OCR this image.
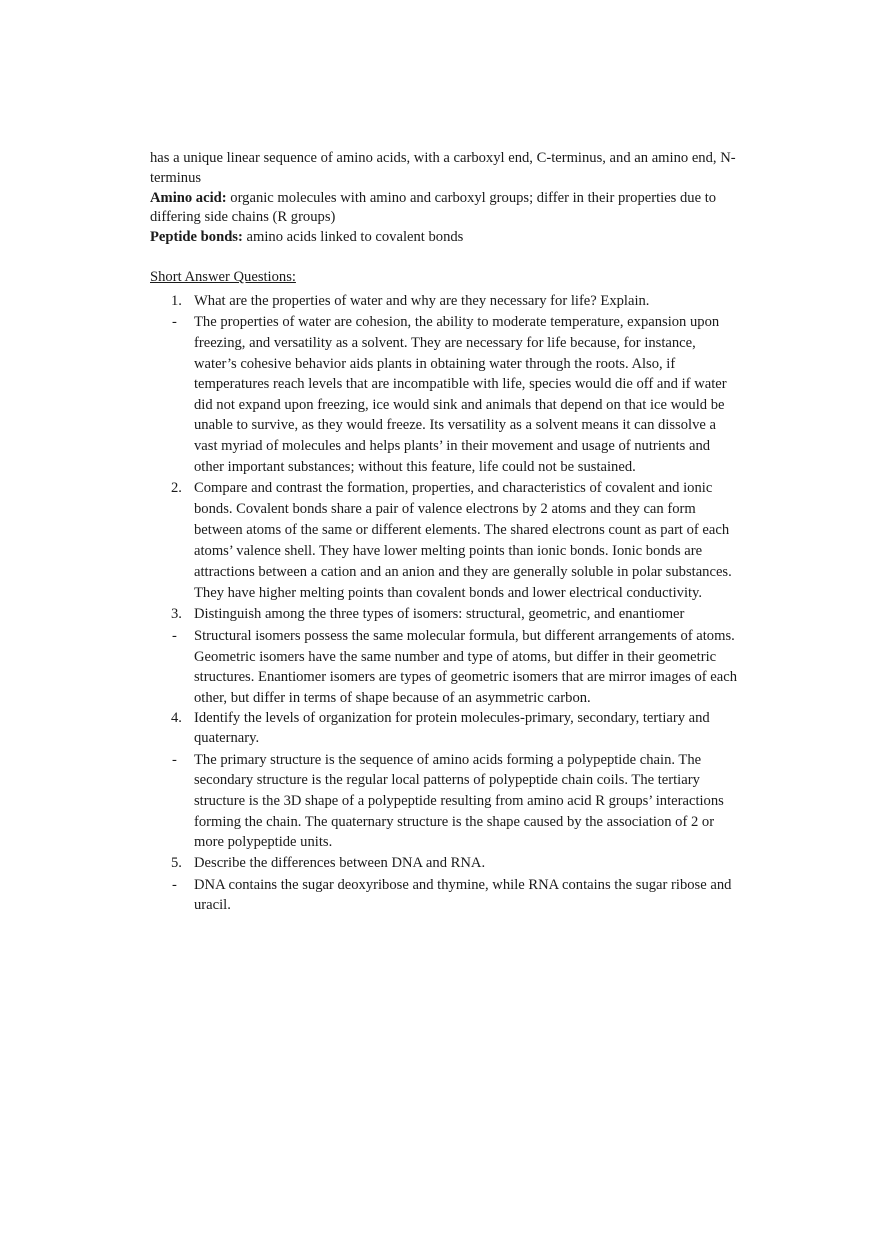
has a unique linear sequence of amino acids, with a carboxyl end, C-terminus, and an amino end, N-terminus

Amino acid: organic molecules with amino and carboxyl groups; differ in their properties due to differing side chains (R groups)

Peptide bonds: amino acids linked to covalent bonds

Short Answer Questions:

1. What are the properties of water and why are they necessary for life? Explain.
- The properties of water are cohesion, the ability to moderate temperature, expansion upon freezing, and versatility as a solvent. They are necessary for life because, for instance, water’s cohesive behavior aids plants in obtaining water through the roots. Also, if temperatures reach levels that are incompatible with life, species would die off and if water did not expand upon freezing, ice would sink and animals that depend on that ice would be unable to survive, as they would freeze. Its versatility as a solvent means it can dissolve a vast myriad of molecules and helps plants’ in their movement and usage of nutrients and other important substances; without this feature, life could not be sustained.
2. Compare and contrast the formation, properties, and characteristics of covalent and ionic bonds. Covalent bonds share a pair of valence electrons by 2 atoms and they can form between atoms of the same or different elements. The shared electrons count as part of each atoms’ valence shell. They have lower melting points than ionic bonds. Ionic bonds are attractions between a cation and an anion and they are generally soluble in polar substances. They have higher melting points than covalent bonds and lower electrical conductivity.
3. Distinguish among the three types of isomers: structural, geometric, and enantiomer
- Structural isomers possess the same molecular formula, but different arrangements of atoms. Geometric isomers have the same number and type of atoms, but differ in their geometric structures. Enantiomer isomers are types of geometric isomers that are mirror images of each other, but differ in terms of shape because of an asymmetric carbon.
4. Identify the levels of organization for protein molecules-primary, secondary, tertiary and quaternary.
- The primary structure is the sequence of amino acids forming a polypeptide chain. The secondary structure is the regular local patterns of polypeptide chain coils. The tertiary structure is the 3D shape of a polypeptide resulting from amino acid R groups’ interactions forming the chain. The quaternary structure is the shape caused by the association of 2 or more polypeptide units.
5. Describe the differences between DNA and RNA.
- DNA contains the sugar deoxyribose and thymine, while RNA contains the sugar ribose and uracil.
